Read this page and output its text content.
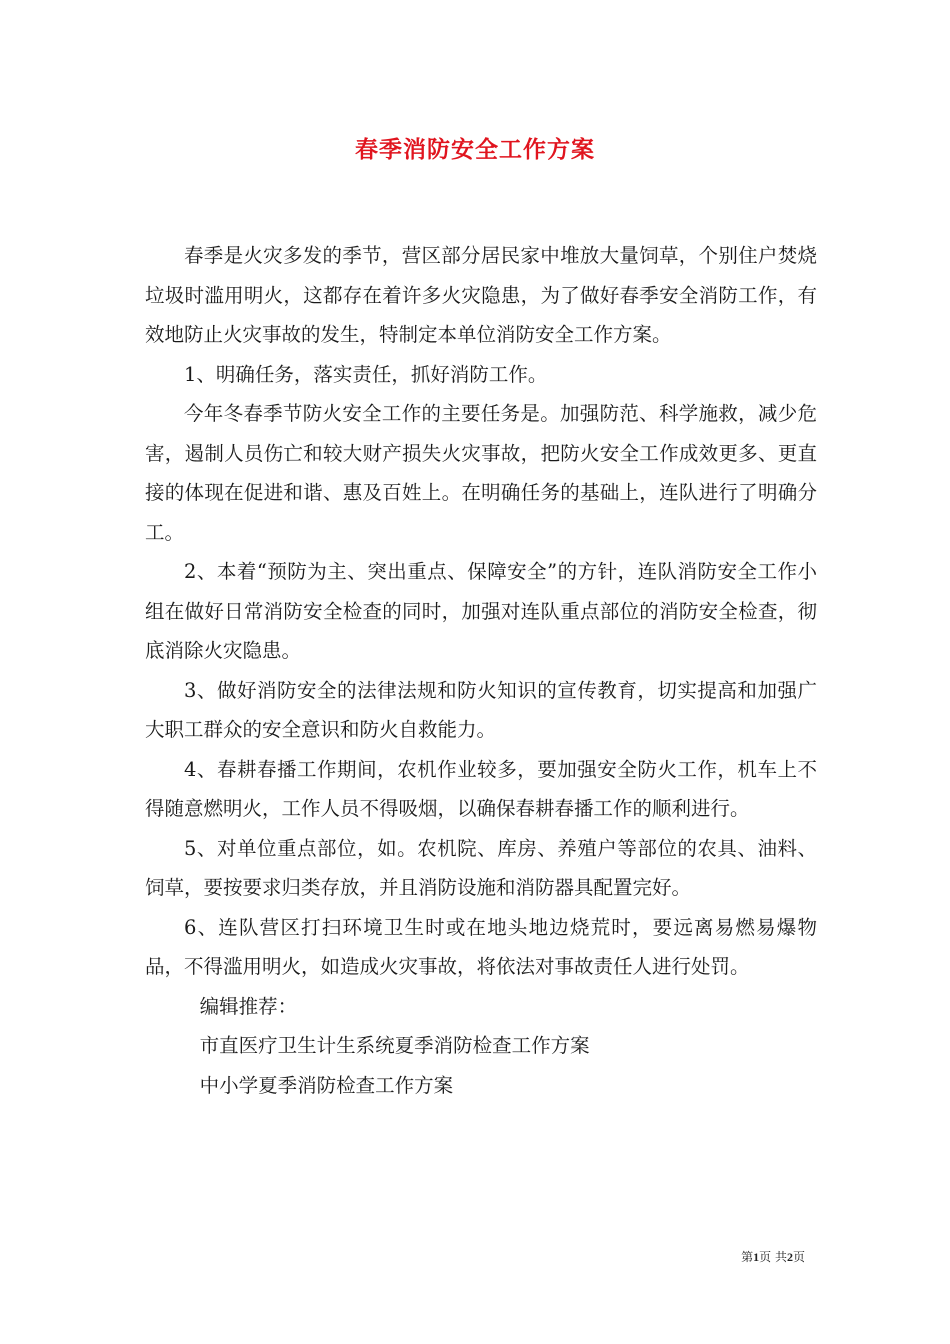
春季消防安全工作方案

春季是火灾多发的季节，营区部分居民家中堆放大量饲草，个别住户焚烧垃圾时滥用明火，这都存在着许多火灾隐患，为了做好春季安全消防工作，有效地防止火灾事故的发生，特制定本单位消防安全工作方案。

1、明确任务，落实责任，抓好消防工作。

今年冬春季节防火安全工作的主要任务是。加强防范、科学施救，减少危害，遏制人员伤亡和较大财产损失火灾事故，把防火安全工作成效更多、更直接的体现在促进和谐、惠及百姓上。在明确任务的基础上，连队进行了明确分工。

2、本着“预防为主、突出重点、保障安全”的方针，连队消防安全工作小组在做好日常消防安全检查的同时，加强对连队重点部位的消防安全检查，彻底消除火灾隐患。

3、做好消防安全的法律法规和防火知识的宣传教育，切实提高和加强广大职工群众的安全意识和防火自救能力。

4、春耕春播工作期间，农机作业较多，要加强安全防火工作，机车上不得随意燃明火，工作人员不得吸烟，以确保春耕春播工作的顺利进行。

5、对单位重点部位，如。农机院、库房、养殖户等部位的农具、油料、饲草，要按要求归类存放，并且消防设施和消防器具配置完好。

6、连队营区打扫环境卫生时或在地头地边烧荒时，要远离易燃易爆物品，不得滥用明火，如造成火灾事故，将依法对事故责任人进行处罚。

编辑推荐：

市直医疗卫生计生系统夏季消防检查工作方案

中小学夏季消防检查工作方案

第1页 共2页
